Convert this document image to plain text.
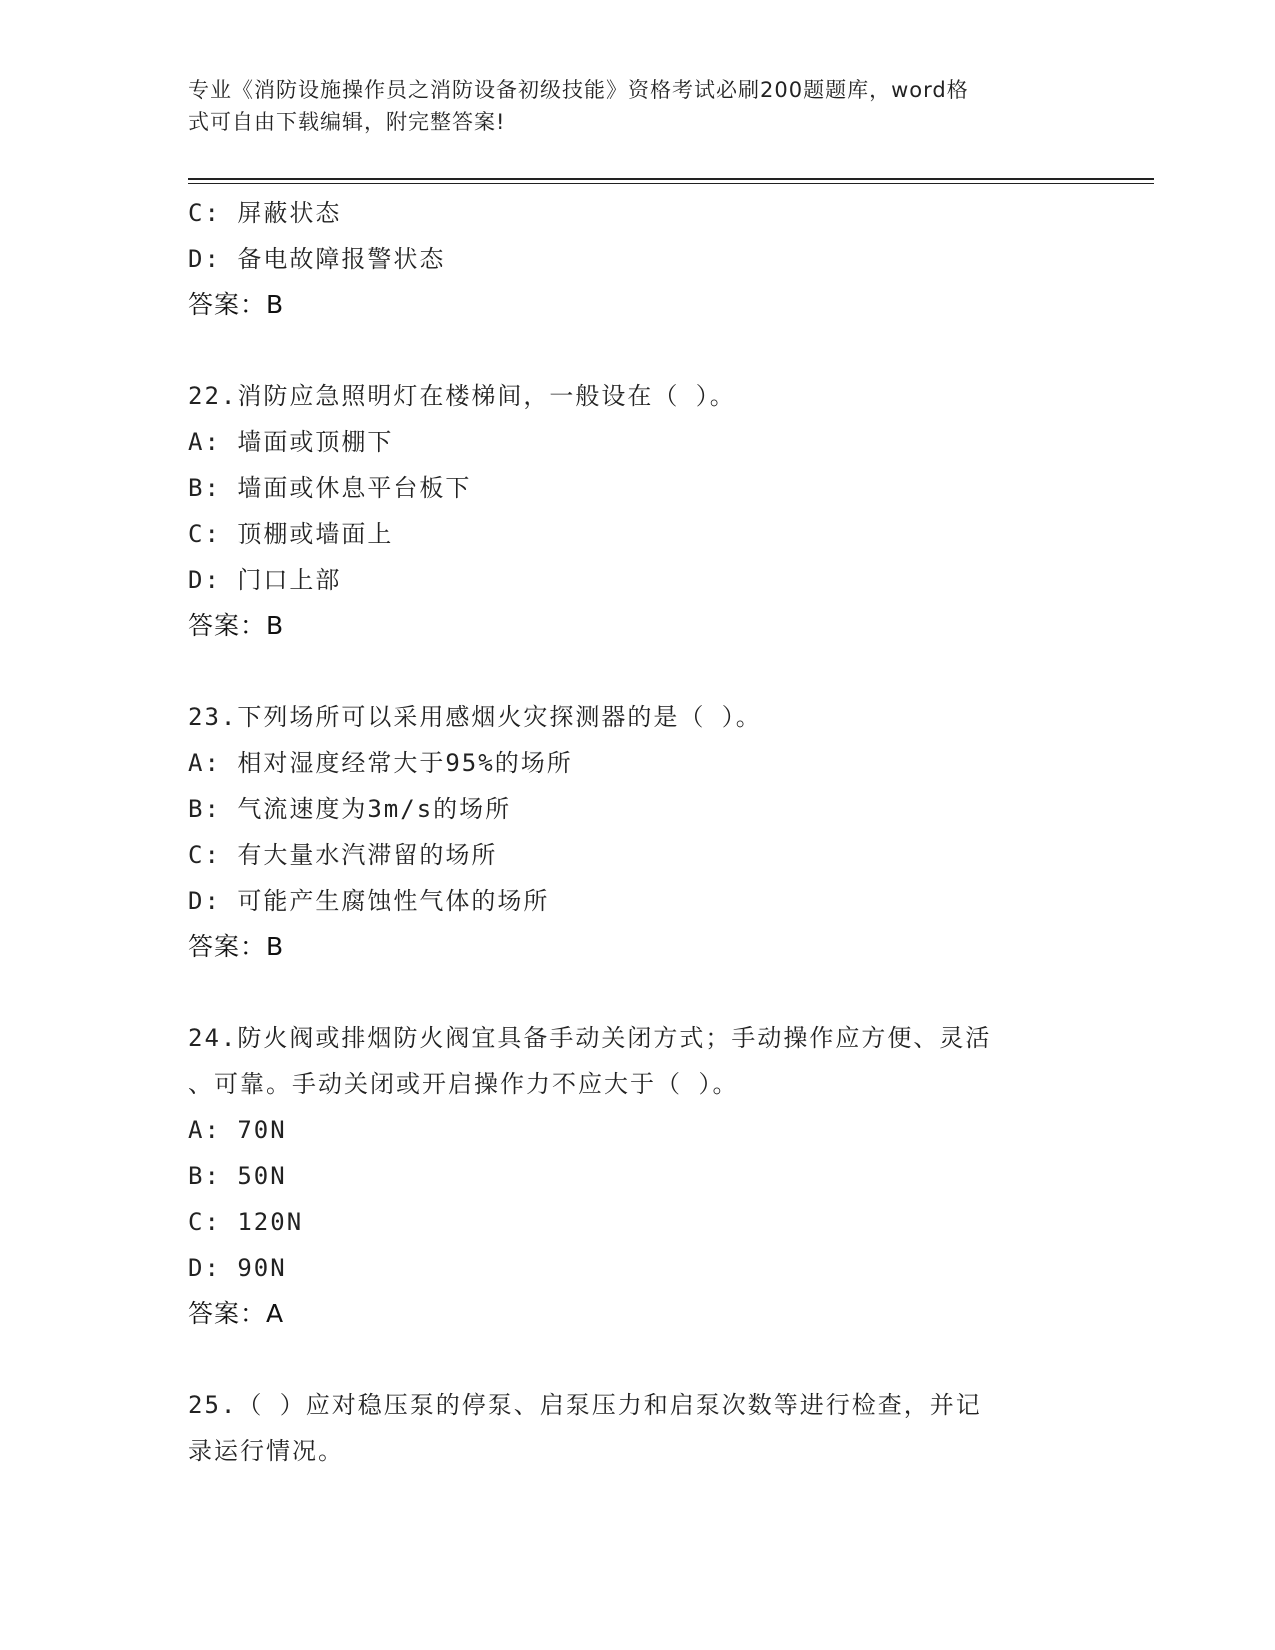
专业《消防设施操作员之消防设备初级技能》资格考试必刷200题题库，word格
式可自由下载编辑，附完整答案!
C: 屏蔽状态
D: 备电故障报警状态
答案：B
22.消防应急照明灯在楼梯间，一般设在（ ）。
A: 墙面或顶棚下
B: 墙面或休息平台板下
C: 顶棚或墙面上
D: 门口上部
答案：B
23.下列场所可以采用感烟火灾探测器的是（ ）。
A: 相对湿度经常大于95%的场所
B: 气流速度为3m/s的场所
C: 有大量水汽滞留的场所
D: 可能产生腐蚀性气体的场所
答案：B
24.防火阀或排烟防火阀宜具备手动关闭方式；手动操作应方便、灵活
、可靠。手动关闭或开启操作力不应大于（ ）。
A: 70N
B: 50N
C: 120N
D: 90N
答案：A
25.（ ）应对稳压泵的停泵、启泵压力和启泵次数等进行检查，并记
录运行情况。
